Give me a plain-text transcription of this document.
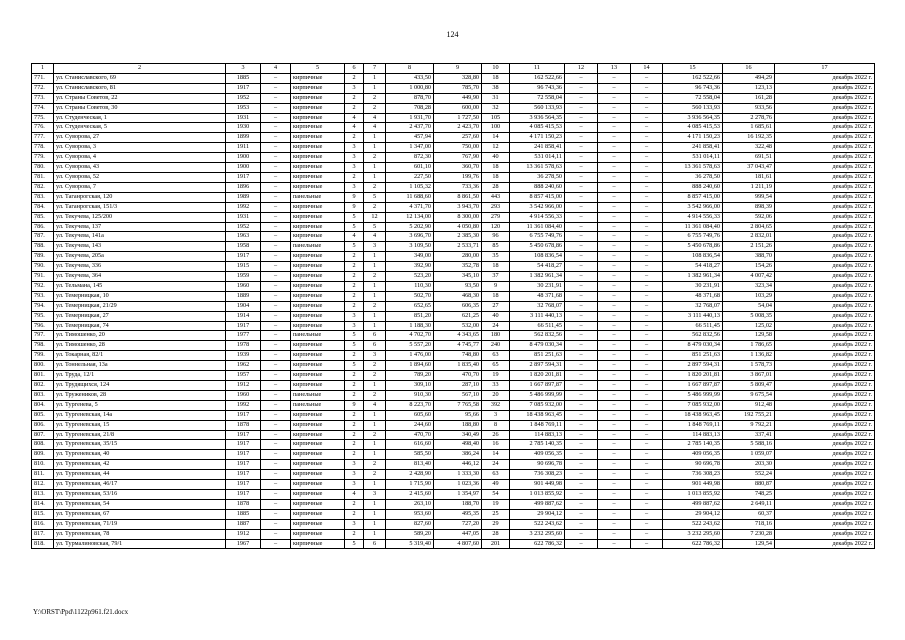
124
1	2	3	4	5	6	7	8	9	10	11	12	13	14	15	16	17
771.	ул. Станиславского, 69	1885	–	кирпичные	2	1	433,50	328,80	18	162 522,66	–	–	–	162 522,66	494,29	декабрь 2022 г.
772.	ул. Станиславского, 81	1917	–	кирпичные	3	1	1 000,80	785,70	38	96 743,36	–	–	–	96 743,36	123,13	декабрь 2022 г.
773.	ул. Страны Советов, 22	1952	–	кирпичные	2	2	878,70	449,90	31	72 558,04	–	–	–	72 558,04	161,28	декабрь 2022 г.
774.	ул. Страны Советов, 30	1953	–	кирпичные	2	2	708,28	600,00	32	560 133,93	–	–	–	560 133,93	933,56	декабрь 2022 г.
775.	ул. Студенческая, 1	1931	–	кирпичные	4	4	1 931,70	1 727,50	105	3 936 564,35	–	–	–	3 936 564,35	2 278,76	декабрь 2022 г.
776.	ул. Студенческая, 5	1930	–	кирпичные	4	4	2 437,70	2 423,70	100	4 085 415,53	–	–	–	4 085 415,53	1 685,61	декабрь 2022 г.
777.	ул. Суворова, 27	1899	–	кирпичные	2	1	457,94	257,60	14	4 171 150,23	–	–	–	4 171 150,23	16 192,35	декабрь 2022 г.
778.	ул. Суворова, 3	1911	–	кирпичные	3	1	1 347,00	750,00	12	241 858,41	–	–	–	241 858,41	322,48	декабрь 2022 г.
779.	ул. Суворова, 4	1900	–	кирпичные	3	2	872,30	767,90	40	531 014,11	–	–	–	531 014,11	691,51	декабрь 2022 г.
780.	ул. Суворова, 43	1900	–	кирпичные	3	1	601,10	360,70	18	13 361 578,63	–	–	–	13 361 578,63	37 043,47	декабрь 2022 г.
781.	ул. Суворова, 52	1917	–	кирпичные	2	1	227,50	199,76	18	36 278,50	–	–	–	36 278,50	181,61	декабрь 2022 г.
782.	ул. Суворова, 7	1896	–	кирпичные	3	2	1 105,32	733,36	28	888 240,60	–	–	–	888 240,60	1 211,19	декабрь 2022 г.
783.	ул. Таганрогская, 120	1989	–	панельные	9	5	11 688,60	8 861,50	443	8 857 415,00	–	–	–	8 857 415,00	999,54	декабрь 2022 г.
784.	ул. Таганрогская, 151/3	1992	–	кирпичные	9	2	4 371,70	3 943,70	293	3 542 966,00	–	–	–	3 542 966,00	898,39	декабрь 2022 г.
785.	ул. Текучева, 125/200	1931	–	кирпичные	5	12	12 134,00	8 300,00	279	4 914 556,33	–	–	–	4 914 556,33	592,06	декабрь 2022 г.
786.	ул. Текучева, 137	1952	–	кирпичные	5	5	5 202,90	4 050,80	120	11 361 084,40	–	–	–	11 361 084,40	2 804,65	декабрь 2022 г.
787.	ул. Текучева, 141а	1963	–	кирпичные	4	4	3 696,70	2 385,30	96	6 755 749,76	–	–	–	6 755 749,76	2 832,01	декабрь 2022 г.
788.	ул. Текучева, 143	1958	–	панельные	5	3	3 109,50	2 533,71	85	5 450 678,86	–	–	–	5 450 678,86	2 151,26	декабрь 2022 г.
789.	ул. Текучева, 205а	1917	–	кирпичные	2	1	349,00	280,00	35	108 836,54	–	–	–	108 836,54	388,70	декабрь 2022 г.
790.	ул. Текучева, 336	1915	–	кирпичные	2	1	392,90	352,78	18	54 418,27	–	–	–	54 418,27	154,26	декабрь 2022 г.
791.	ул. Текучева, 364	1959	–	кирпичные	2	2	523,20	345,10	37	1 382 961,34	–	–	–	1 382 961,34	4 007,42	декабрь 2022 г.
792.	ул. Тельмана, 145	1960	–	кирпичные	2	1	110,30	93,50	9	30 231,91	–	–	–	30 231,91	323,34	декабрь 2022 г.
793.	ул. Темерницкая, 10	1889	–	кирпичные	2	1	502,70	468,30	18	48 371,68	–	–	–	48 371,68	103,29	декабрь 2022 г.
794.	ул. Темерницкая, 21/29	1904	–	кирпичные	2	2	652,65	606,35	27	32 768,07	–	–	–	32 768,07	54,04	декабрь 2022 г.
795.	ул. Темерницкая, 27	1914	–	кирпичные	3	1	851,20	621,25	40	3 111 440,13	–	–	–	3 111 440,13	5 008,35	декабрь 2022 г.
796.	ул. Темерницкая, 74	1917	–	кирпичные	3	1	1 188,30	532,00	24	66 511,45	–	–	–	66 511,45	125,02	декабрь 2022 г.
797.	ул. Тимошенко, 20	1977	–	панельные	5	6	4 702,70	4 343,65	180	562 832,56	–	–	–	562 832,56	129,58	декабрь 2022 г.
798.	ул. Тимошенко, 28	1978	–	кирпичные	5	6	5 557,20	4 745,77	240	8 479 030,34	–	–	–	8 479 030,34	1 786,65	декабрь 2022 г.
799.	ул. Токарная, 82/1	1939	–	кирпичные	2	3	1 476,00	748,80	63	851 251,63	–	–	–	851 251,63	1 136,82	декабрь 2022 г.
800.	ул. Тоннельная, 13а	1962	–	кирпичные	5	2	1 894,60	1 835,40	65	2 897 594,31	–	–	–	2 897 594,31	1 578,73	декабрь 2022 г.
801.	ул. Труда, 12/1	1957	–	кирпичные	2	2	789,20	470,70	19	1 820 201,81	–	–	–	1 820 201,81	3 867,01	декабрь 2022 г.
802.	ул. Трудящихся, 124	1912	–	кирпичные	2	1	309,10	287,10	33	1 667 897,87	–	–	–	1 667 897,87	5 809,47	декабрь 2022 г.
803.	ул. Тружеников, 28	1960	–	панельные	2	2	910,30	567,10	20	5 486 999,99	–	–	–	5 486 999,99	9 675,54	декабрь 2022 г.
804.	ул. Тургенева, 5	1992	–	панельные	9	4	8 223,70	7 765,58	392	7 085 932,00	–	–	–	7 085 932,00	912,48	декабрь 2022 г.
805.	ул. Тургеневская, 14а	1917	–	кирпичные	2	1	605,60	95,66	3	18 438 963,45	–	–	–	18 438 963,45	192 755,21	декабрь 2022 г.
806.	ул. Тургеневская, 15	1878	–	кирпичные	2	1	244,60	188,80	8	1 848 769,11	–	–	–	1 848 769,11	9 792,21	декабрь 2022 г.
807.	ул. Тургеневская, 21/8	1917	–	кирпичные	2	2	470,70	340,49	26	114 883,13	–	–	–	114 883,13	337,41	декабрь 2022 г.
808.	ул. Тургеневская, 35/15	1917	–	кирпичные	2	1	616,60	498,40	16	2 785 140,35	–	–	–	2 785 140,35	5 588,16	декабрь 2022 г.
809.	ул. Тургеневская, 40	1917	–	кирпичные	2	1	585,50	386,24	14	409 056,35	–	–	–	409 056,35	1 059,07	декабрь 2022 г.
810.	ул. Тургеневская, 42	1917	–	кирпичные	3	2	813,40	446,12	24	90 696,78	–	–	–	90 696,78	203,30	декабрь 2022 г.
811.	ул. Тургеневская, 44	1917	–	кирпичные	3	2	2 428,90	1 333,30	63	736 308,23	–	–	–	736 308,23	552,24	декабрь 2022 г.
812.	ул. Тургеневская, 46/17	1917	–	кирпичные	3	1	1 715,90	1 023,36	49	901 449,98	–	–	–	901 449,98	880,87	декабрь 2022 г.
813.	ул. Тургеневская, 53/16	1917	–	кирпичные	4	3	2 415,60	1 354,97	54	1 013 855,92	–	–	–	1 013 855,92	748,25	декабрь 2022 г.
814.	ул. Тургеневская, 54	1878	–	кирпичные	2	1	263,10	188,70	19	499 887,62	–	–	–	499 887,62	2 649,11	декабрь 2022 г.
815.	ул. Тургеневская, 67	1885	–	кирпичные	2	1	953,60	495,35	25	29 904,12	–	–	–	29 904,12	60,37	декабрь 2022 г.
816.	ул. Тургеневская, 71/19	1887	–	кирпичные	3	1	827,60	727,20	29	522 243,62	–	–	–	522 243,62	718,16	декабрь 2022 г.
817.	ул. Тургеневская, 78	1912	–	кирпичные	2	1	589,20	447,05	28	3 232 295,60	–	–	–	3 232 295,60	7 230,28	декабрь 2022 г.
818.	ул. Турмалиновская, 79/1	1967	–	кирпичные	5	6	5 319,40	4 807,60	201	622 786,32	–	–	–	622 786,32	129,54	декабрь 2022 г.
Y:\ORST\Ppd\1122p961.f21.docx
